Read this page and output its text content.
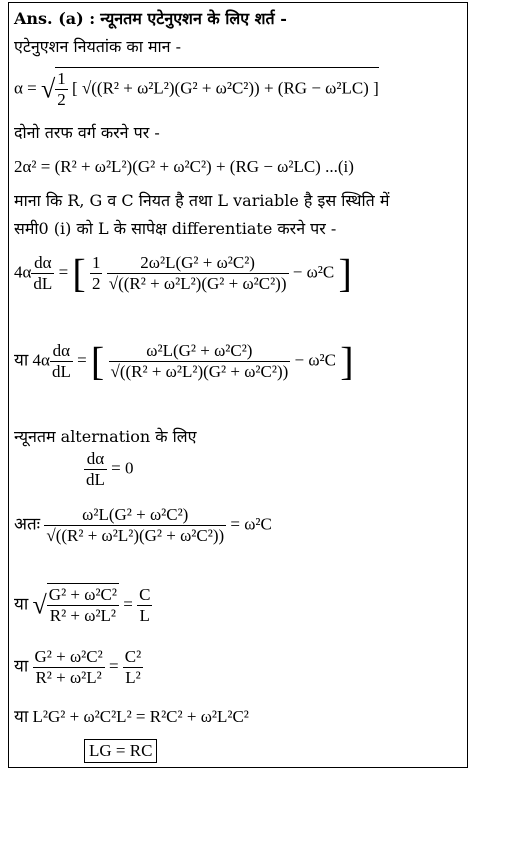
Ans. (a) : न्यूनतम एटेनुएशन के लिए शर्त -
एटेनुएशन नियतांक का मान -
α = √ $\frac{1}{2}$ [ √((R² + ω²L²)(G² + ω²C²)) + (RG − ω²LC) ]
दोनो तरफ वर्ग करने पर -
2α² = (R² + ω²L²)(G² + ω²C²) + (RG − ω²LC) ...(i)
माना कि R, G व C नियत है तथा L variable है इस स्थिति में
समी0 (i) को L के सापेक्ष differentiate करने पर -
$4\alpha \frac{d\alpha}{dL}$ = [ $\frac{1}{2}$
$\frac{\text{2ω²L(G² + ω²C²)}}{\text{√((R² + ω²L²)(G² + ω²C²))}} - \omega^2C$ ]
या $4\alpha \frac{d\alpha}{dL}$ = [ $\frac{\text{ω²L(G² + ω²C²)}}{\text{√((R² + ω²L²)(G² + ω²C²))}} - \omega^2C$ ]
न्यूनतम alternation के लिए
$\frac{d\alpha}{dL} = 0$
अतः $\frac{\text{ω²L(G² + ω²C²)}}{\text{√((R² + ω²L²)(G² + ω²C²))}} = \omega^2C$
या √ $\frac{\text{G² + ω²C²}}{\text{R² + ω²L²}} = \frac{C}{L}$
या $\frac{\text{G² + ω²C²}}{\text{R² + ω²L²}} = \frac{\text{C²}}{\text{L²}}$
या L²G² + ω²C²L² = R²C² + ω²L²C²
LG = RC
